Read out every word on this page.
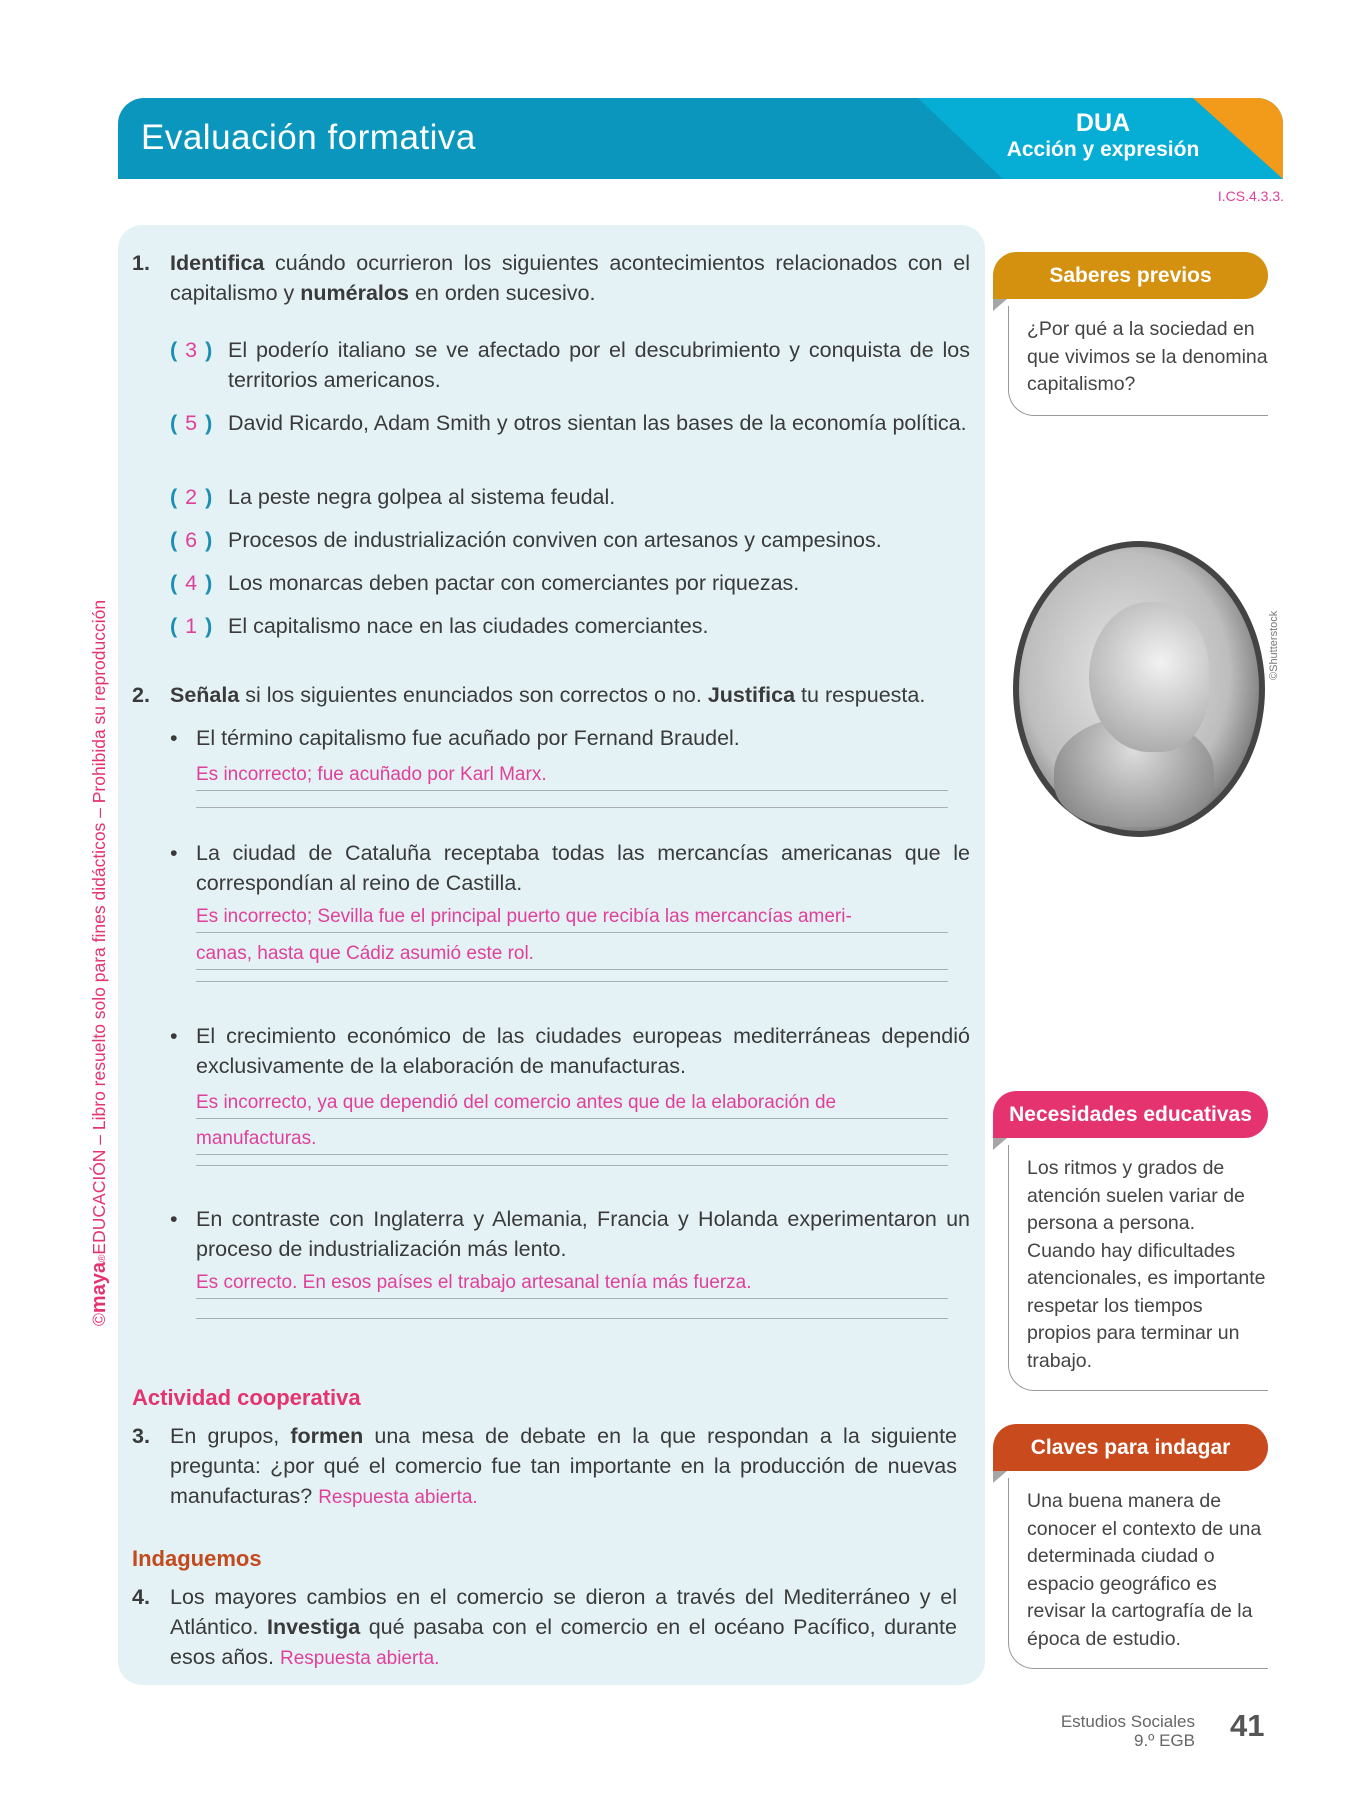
Evaluación formativa	DUA
Acción y expresión
I.CS.4.3.3.
©maya®EDUCACIÓN – Libro resuelto solo para fines didácticos – Prohibida su reproducción
1. Identifica cuándo ocurrieron los siguientes acontecimientos relacionados con el capitalismo y numéralos en orden sucesivo.
( 3 ) El poderío italiano se ve afectado por el descubrimiento y conquista de los territorios americanos.
( 5 ) David Ricardo, Adam Smith y otros sientan las bases de la economía política.
( 2 ) La peste negra golpea al sistema feudal.
( 6 ) Procesos de industrialización conviven con artesanos y campesinos.
( 4 ) Los monarcas deben pactar con comerciantes por riquezas.
( 1 ) El capitalismo nace en las ciudades comerciantes.
2. Señala si los siguientes enunciados son correctos o no. Justifica tu respuesta.
• El término capitalismo fue acuñado por Fernand Braudel.
Es incorrecto; fue acuñado por Karl Marx.
• La ciudad de Cataluña receptaba todas las mercancías americanas que le correspondían al reino de Castilla.
Es incorrecto; Sevilla fue el principal puerto que recibía las mercancías ameri-
canas, hasta que Cádiz asumió este rol.
• El crecimiento económico de las ciudades europeas mediterráneas dependió exclusivamente de la elaboración de manufacturas.
Es incorrecto, ya que dependió del comercio antes que de la elaboración de
manufacturas.
• En contraste con Inglaterra y Alemania, Francia y Holanda experimentaron un proceso de industrialización más lento.
Es correcto. En esos países el trabajo artesanal tenía más fuerza.
Actividad cooperativa
3. En grupos, formen una mesa de debate en la que respondan a la siguiente pregunta: ¿por qué el comercio fue tan importante en la producción de nuevas manufacturas? Respuesta abierta.
Indaguemos
4. Los mayores cambios en el comercio se dieron a través del Mediterráneo y el Atlántico. Investiga qué pasaba con el comercio en el océano Pacífico, durante esos años. Respuesta abierta.
Saberes previos
¿Por qué a la sociedad en que vivimos se la denomina capitalismo?
©Shutterstock
Necesidades educativas
Los ritmos y grados de atención suelen variar de persona a persona. Cuando hay dificultades atencionales, es importante respetar los tiempos propios para terminar un trabajo.
Claves para indagar
Una buena manera de conocer el contexto de una determinada ciudad o espacio geográfico es revisar la cartografía de la época de estudio.
Estudios Sociales
9.º EGB 41
